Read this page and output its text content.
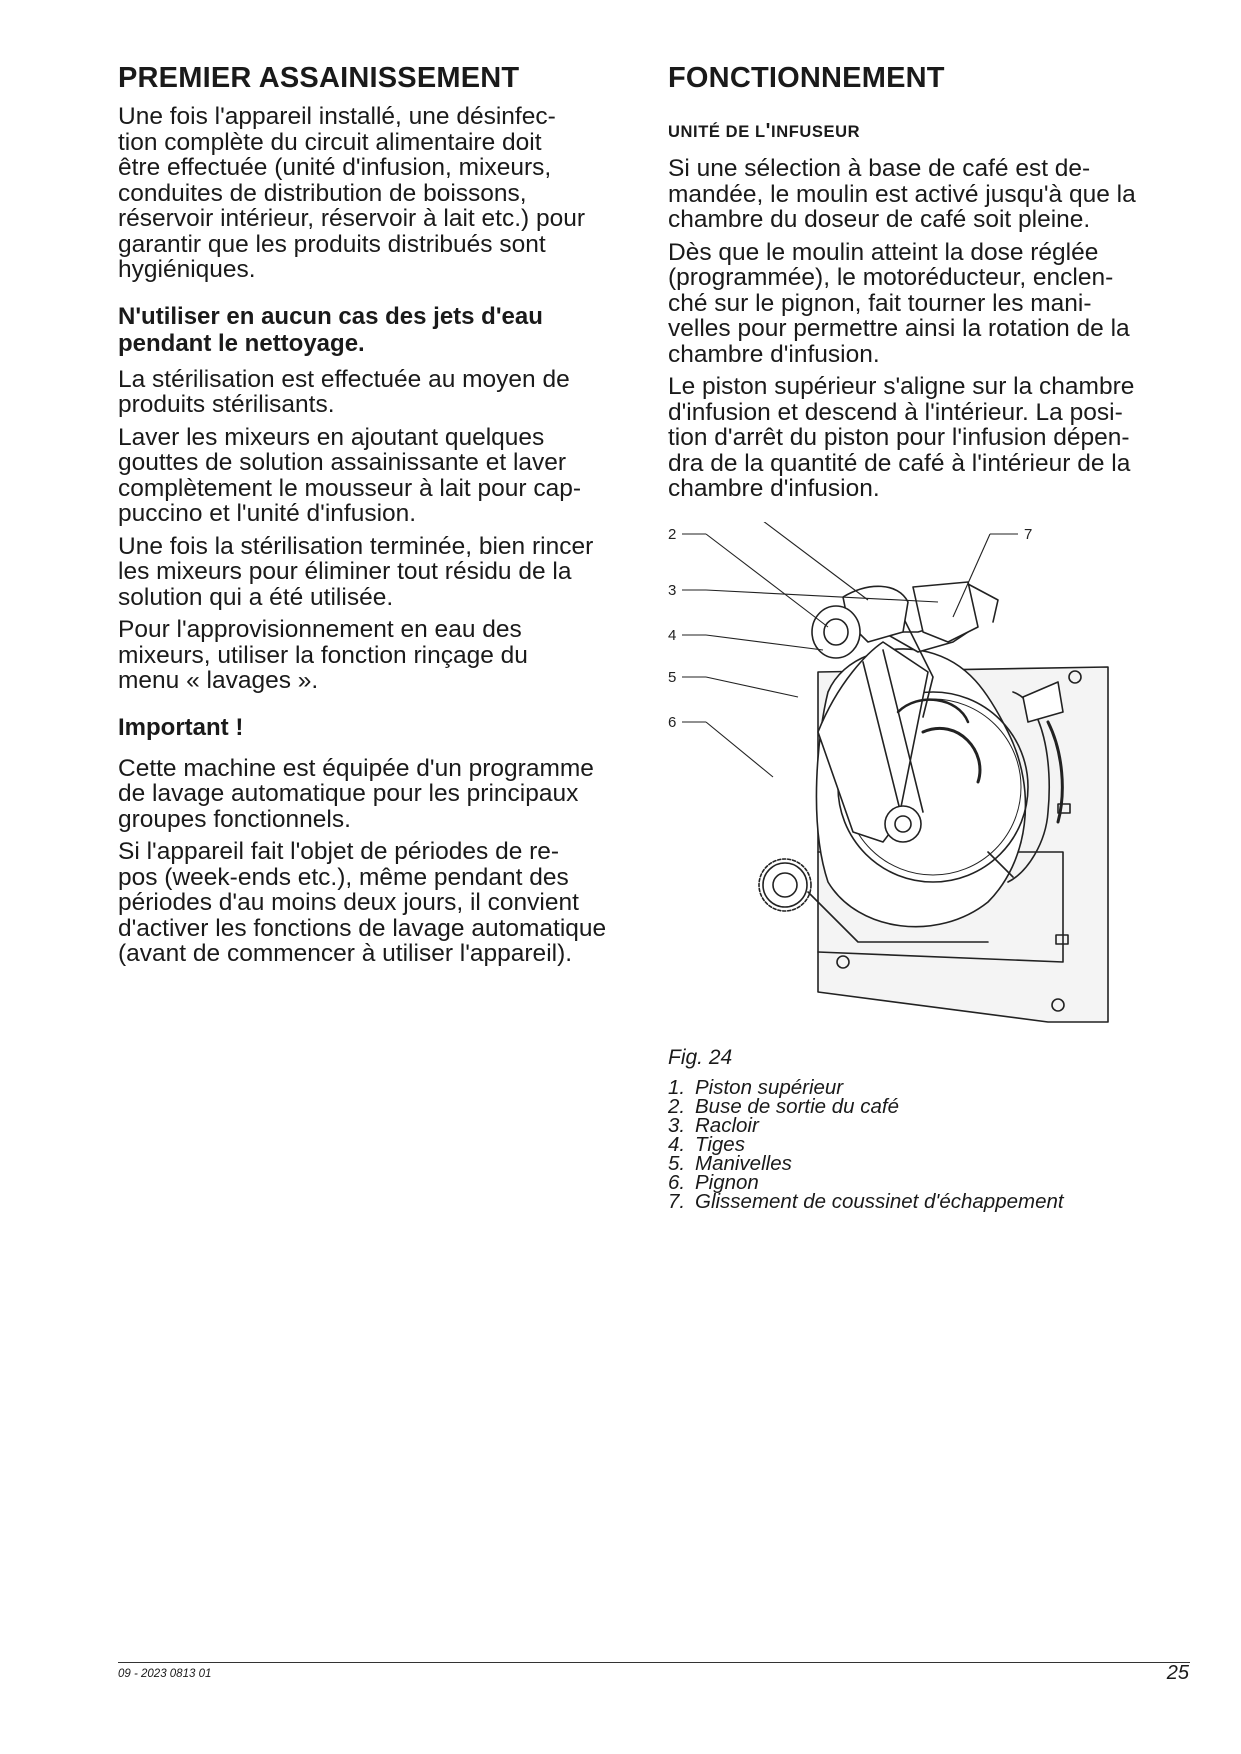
PREMIER ASSAINISSEMENT
Une fois l'appareil installé, une désinfec-
tion complète du circuit alimentaire doit
être effectuée (unité d'infusion, mixeurs,
conduites de distribution de boissons,
réservoir intérieur, réservoir à lait etc.) pour
garantir que les produits distribués sont
hygiéniques.
N'utiliser en aucun cas des jets d'eau
pendant le nettoyage.
La stérilisation est effectuée au moyen de
produits stérilisants.
Laver les mixeurs en ajoutant quelques
gouttes de solution assainissante et laver
complètement le mousseur à lait pour cap-
puccino et l'unité d'infusion.
Une fois la stérilisation terminée, bien rincer
les mixeurs pour éliminer tout résidu de la
solution qui a été utilisée.
Pour l'approvisionnement en eau des
mixeurs, utiliser la fonction rinçage du
menu « lavages ».
Important !
Cette machine est équipée d'un programme
de lavage automatique pour les principaux
groupes fonctionnels.
Si l'appareil fait l'objet de périodes de re-
pos (week-ends etc.), même pendant des
périodes d'au moins deux jours, il convient
d'activer les fonctions de lavage automatique
(avant de commencer à utiliser l'appareil).
FONCTIONNEMENT
UNITÉ DE L'INFUSEUR
Si une sélection à base de café est de-
mandée, le moulin est activé jusqu'à que la
chambre du doseur de café soit pleine.
Dès que le moulin atteint la dose réglée
(programmée), le motoréducteur, enclen-
ché sur le pignon, fait tourner les mani-
velles pour permettre ainsi la rotation de la
chambre d'infusion.
Le piston supérieur s'aligne sur la chambre
d'infusion et descend à l'intérieur. La posi-
tion d'arrêt du piston pour l'infusion dépen-
dra de la quantité de café à l'intérieur de la
chambre d'infusion.
2
3
4
5
6
7
Fig. 24
1. Piston supérieur
2. Buse de sortie du café
3. Racloir
4. Tiges
5. Manivelles
6. Pignon
7. Glissement de coussinet d'échappement
09 - 2023 0813 01	25
